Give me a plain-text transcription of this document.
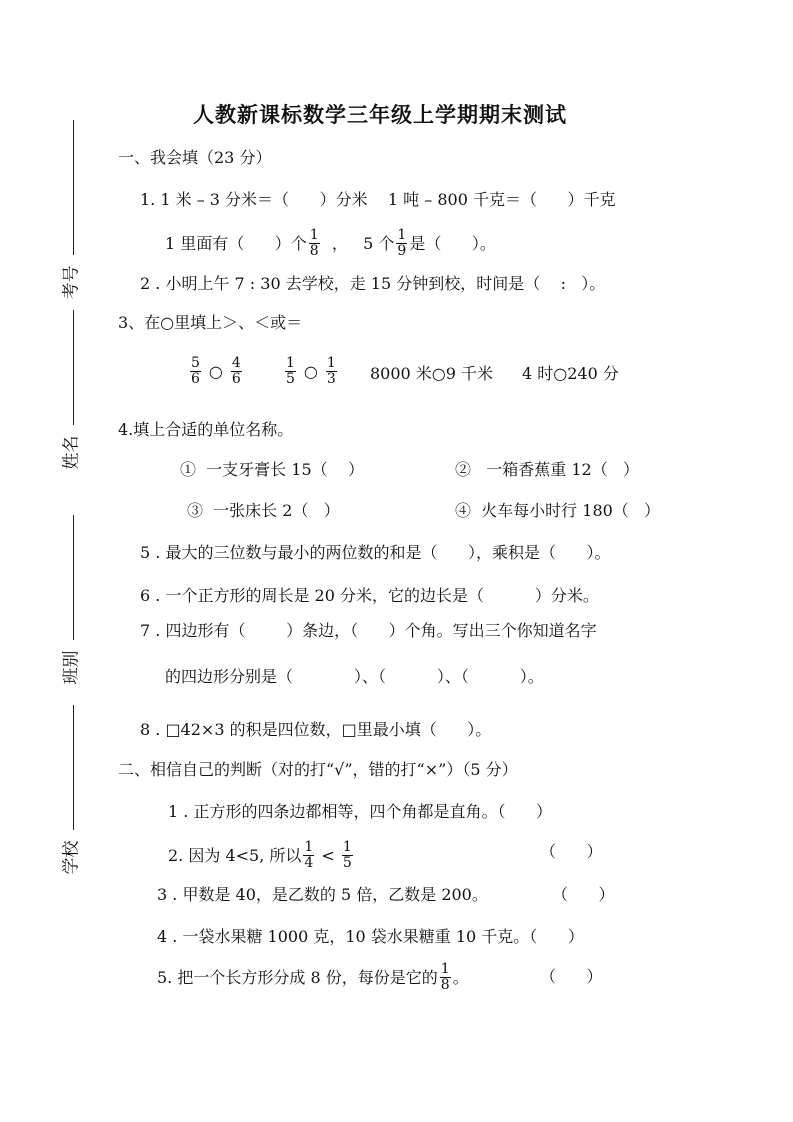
考号
姓名
班别
学校
人教新课标数学三年级上学期期末测试
一、我会填（23 分）
1. 1 米 – 3 分米＝（      ）分米    1 吨 – 800 千克＝（      ）千克
1 里面有（      ）个 $\frac{1}{8}$ ，   5 个 $\frac{1}{9}$ 是（      ）。
2 . 小明上午 7 : 30 去学校，走 15 分钟到校，时间是（    :   ）。
3、在○里填上＞、＜或＝
$\frac{5}{6}$ ○ $\frac{4}{6}$	$\frac{1}{5}$ ○ $\frac{1}{3} 8000$ 米○9 千米 4 时○240 分
4.填上合适的单位名称。
①  一支牙膏长 15（    ）	②   一箱香蕉重 12（   ）
③  一张床长 2（   ）	④  火车每小时行 180（   ）
5 . 最大的三位数与最小的两位数的和是（      ），乘积是（      ）。
6 . 一个正方形的周长是 20 分米，它的边长是（          ）分米。
7 . 四边形有（        ）条边，（      ）个角。写出三个你知道名字
的四边形分别是（            ）、（          ）、（          ）。
8 . □42×3 的积是四位数，□里最小填（      ）。
二、相信自己的判断（对的打“√”，错的打“×”）（5 分）
1 . 正方形的四条边都相等，四个角都是直角。（      ）
2. 因为 4<5, 所以 $\frac{1}{4} < \frac{1}{5}$	（      ）
3 . 甲数是 40，是乙数的 5 倍，乙数是 200。	（      ）
4 . 一袋水果糖 1000 克，10 袋水果糖重 10 千克。（      ）
5. 把一个长方形分成 8 份，每份是它的 $\frac{1}{8}$ 。	（      ）
